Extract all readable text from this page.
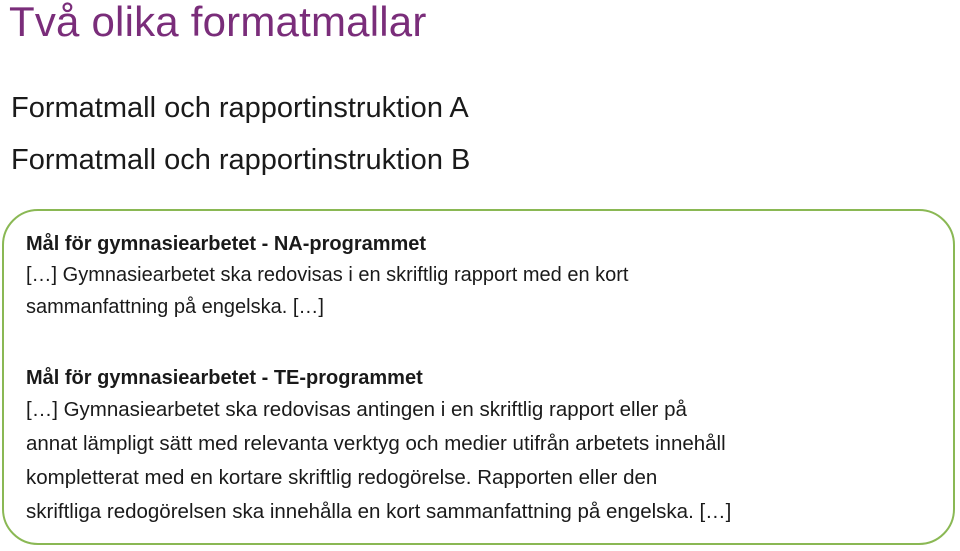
Två olika formatmallar

Formatmall och rapportinstruktion A

Formatmall och rapportinstruktion B

Mål för gymnasiearbetet - NA-programmet

[…] Gymnasiearbetet ska redovisas i en skriftlig rapport med en kort

sammanfattning på engelska. […]

Mål för gymnasiearbetet - TE-programmet

[…] Gymnasiearbetet ska redovisas antingen i en skriftlig rapport eller på

annat lämpligt sätt med relevanta verktyg och medier utifrån arbetets innehåll

kompletterat med en kortare skriftlig redogörelse. Rapporten eller den

skriftliga redogörelsen ska innehålla en kort sammanfattning på engelska. […]
